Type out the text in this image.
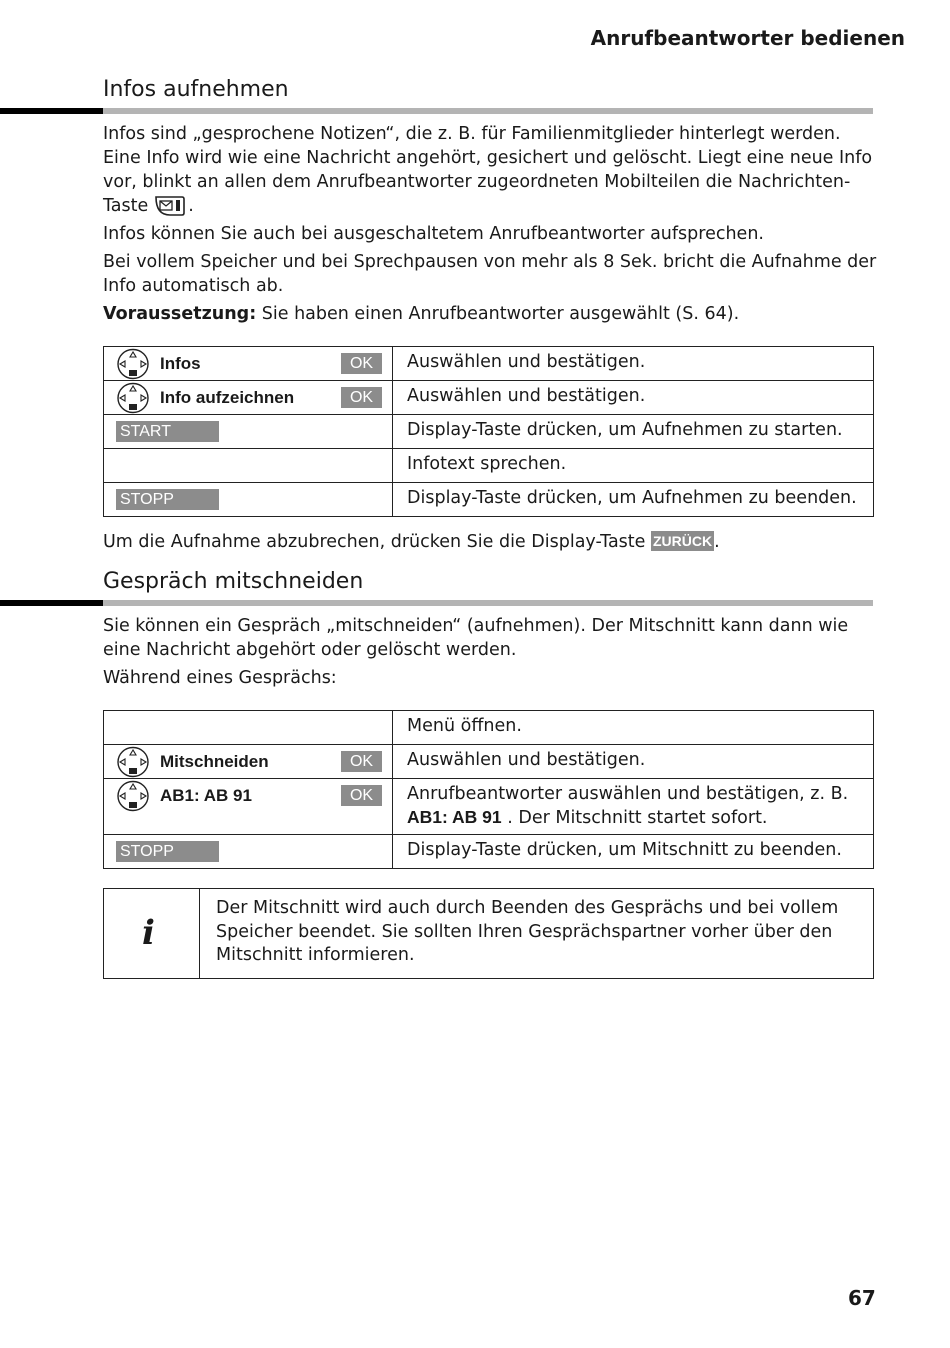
Anrufbeantworter bedienen
Infos aufnehmen
Infos sind „gesprochene Notizen“, die z. B. für Familienmitglieder hinterlegt werden. Eine Info wird wie eine Nachricht angehört, gesichert und gelöscht. Liegt eine neue Info vor, blinkt an allen dem Anrufbeantworter zugeordneten Mobilteilen die Nachrichten-Taste .
Infos können Sie auch bei ausgeschaltetem Anrufbeantworter aufsprechen.
Bei vollem Speicher und bei Sprechpausen von mehr als 8 Sek. bricht die Aufnahme der Info automatisch ab.
Voraussetzung: Sie haben einen Anrufbeantworter ausgewählt (S. 64).
Infos OK	Auswählen und bestätigen.

Info aufzeichnen OK	Auswählen und bestätigen.
START	Display-Taste drücken, um Aufnehmen zu starten.
	Infotext sprechen.
STOPP	Display-Taste drücken, um Aufnehmen zu beenden.
Um die Aufnahme abzubrechen, drücken Sie die Display-Taste ZURÜCK .
Gespräch mitschneiden
Sie können ein Gespräch „mitschneiden“ (aufnehmen). Der Mitschnitt kann dann wie eine Nachricht abgehört oder gelöscht werden.
Während eines Gesprächs:
	Menü öffnen.

Mitschneiden OK	Auswählen und bestätigen.

AB1: AB 91 OK	Anrufbeantworter auswählen und bestätigen, z. B.
AB1: AB 91 . Der Mitschnitt startet sofort.
STOPP	Display-Taste drücken, um Mitschnitt zu beenden.
i
Der Mitschnitt wird auch durch Beenden des Gesprächs und bei vollem Speicher beendet. Sie sollten Ihren Gesprächspartner vorher über den Mitschnitt informieren.
67
